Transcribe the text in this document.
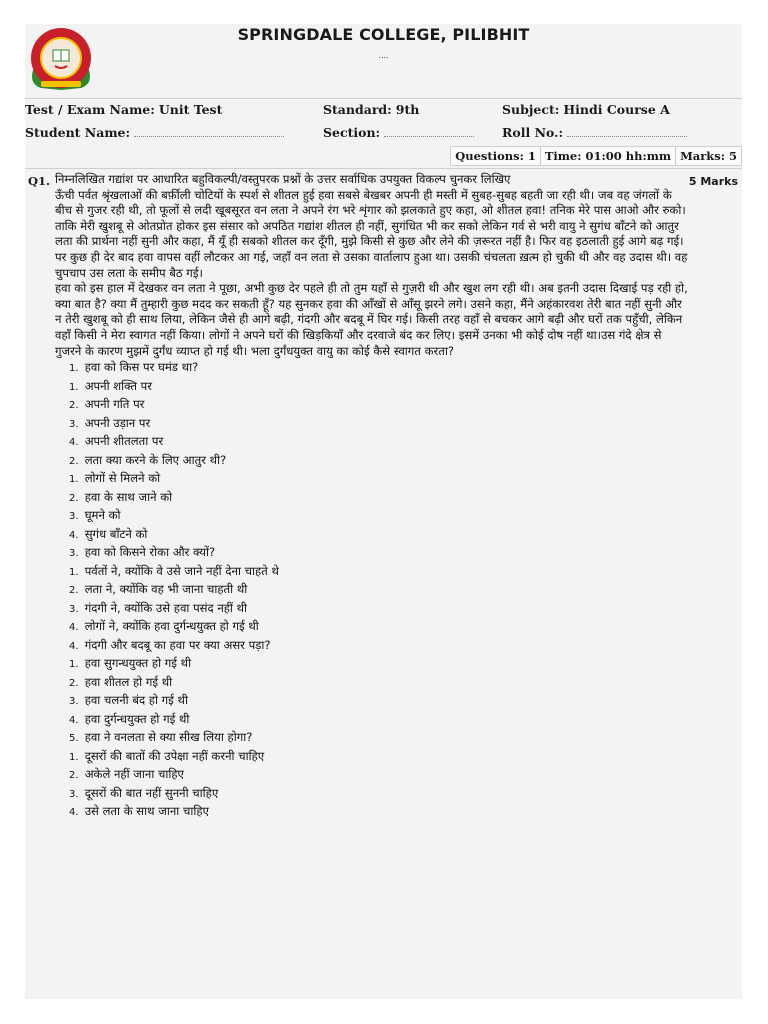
SPRINGDALE COLLEGE, PILIBHIT
....
Test / Exam Name: Unit Test	Standard: 9th	Subject: Hindi Course A
Student Name:	Section:	Roll No.:
Questions: 1 Time: 01:00 hh:mm Marks: 5
Q1.	5 Marks

निम्नलिखित गद्यांश पर आधारित बहुविकल्पी/वस्तुपरक प्रश्नों के उत्तर सर्वाधिक उपयुक्त विकल्प चुनकर लिखिए

ऊँची पर्वत श्रृंखलाओं की बर्फ़ीली चोटियों के स्पर्श से शीतल हुई हवा सबसे बेखबर अपनी ही मस्ती में सुबह-सुबह बहती जा रही थी। जब वह जंगलों के बीच से गुजर रही थी, तो फूलों से लदी खूबसूरत वन लता ने अपने रंग भरे शृंगार को झलकाते हुए कहा, ओ शीतल हवा! तनिक मेरे पास आओ और रुको। ताकि मेरी खुशबू से ओतप्रोत होकर इस संसार को अपठित गद्यांश शीतल ही नहीं, सुगंधित भी कर सको लेकिन गर्व से भरी वायु ने सुगंध बाँटने को आतुर लता की प्रार्थना नहीं सुनी और कहा, मैं यूँ ही सबको शीतल कर दूँगी, मुझे किसी से कुछ और लेने की ज़रूरत नहीं है। फिर वह इठलाती हुई आगे बढ़ गई।

पर कुछ ही देर बाद हवा वापस वहीं लौटकर आ गई, जहाँ वन लता से उसका वार्तालाप हुआ था। उसकी चंचलता ख़त्म हो चुकी थी और वह उदास थी। वह चुपचाप उस लता के समीप बैठ गई।

हवा को इस हाल में देखकर वन लता ने पूछा, अभी कुछ देर पहले ही तो तुम यहाँ से गुज़री थी और खुश लग रही थी। अब इतनी उदास दिखाई पड़ रही हो, क्या बात है? क्या मैं तुम्हारी कुछ मदद कर सकती हूँ? यह सुनकर हवा की आँखों से आँसू झरने लगे। उसने कहा, मैंने अहंकारवश तेरी बात नहीं सुनी और न तेरी खुशबू को ही साथ लिया, लेकिन जैसे ही आगे बढ़ी, गंदगी और बदबू में घिर गई। किसी तरह वहाँ से बचकर आगे बढ़ी और घरों तक पहुँची, लेकिन वहाँ किसी ने मेरा स्वागत नहीं किया। लोगों ने अपने घरों की खिड़कियाँ और दरवाजे बंद कर लिए। इसमें उनका भी कोई दोष नहीं था।उस गंदे क्षेत्र से गुजरने के कारण मुझमें दुर्गंध व्याप्त हो गई थी। भला दुर्गंधयुक्त वायु का कोई कैसे स्वागत करता?

1. हवा को किस पर घमंड था?
1. अपनी शक्ति पर
2. अपनी गति पर
3. अपनी उड़ान पर
4. अपनी शीतलता पर
2. लता क्या करने के लिए आतुर थी?
1. लोगों से मिलने को
2. हवा के साथ जाने को
3. घूमने को
4. सुगंध बाँटने को
3. हवा को किसने रोका और क्यों?
1. पर्वतों ने, क्योंकि वे उसे जाने नहीं देना चाहते थे
2. लता ने, क्योंकि वह भी जाना चाहती थी
3. गंदगी ने, क्योंकि उसे हवा पसंद नहीं थी
4. लोगों ने, क्योंकि हवा दुर्गन्धयुक्त हो गई थी
4. गंदगी और बदबू का हवा पर क्या असर पड़ा?
1. हवा सुगन्धयुक्त हो गई थी
2. हवा शीतल हो गई थी
3. हवा चलनी बंद हो गई थी
4. हवा दुर्गन्धयुक्त हो गई थी
5. हवा ने वनलता से क्या सीख लिया होगा?
1. दूसरों की बातों की उपेक्षा नहीं करनी चाहिए
2. अकेले नहीं जाना चाहिए
3. दूसरों की बात नहीं सुननी चाहिए
4. उसे लता के साथ जाना चाहिए
